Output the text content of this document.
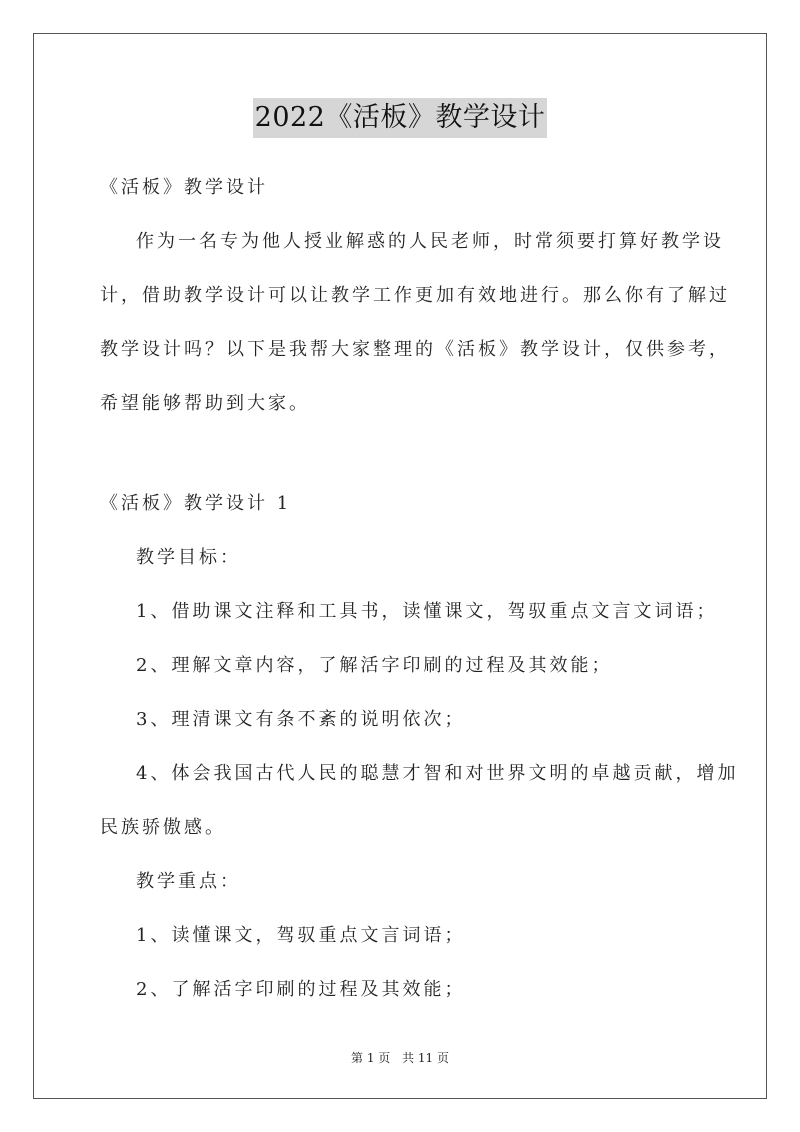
2022《活板》教学设计
《活板》教学设计
作为一名专为他人授业解惑的人民老师，时常须要打算好教学设
计，借助教学设计可以让教学工作更加有效地进行。那么你有了解过
教学设计吗？以下是我帮大家整理的《活板》教学设计，仅供参考，
希望能够帮助到大家。
《活板》教学设计 1
教学目标：
1、借助课文注释和工具书，读懂课文，驾驭重点文言文词语；
2、理解文章内容，了解活字印刷的过程及其效能；
3、理清课文有条不紊的说明依次；
4、体会我国古代人民的聪慧才智和对世界文明的卓越贡献，增加
民族骄傲感。
教学重点：
1、读懂课文，驾驭重点文言词语；
2、了解活字印刷的过程及其效能；
第 1 页 共 11 页
